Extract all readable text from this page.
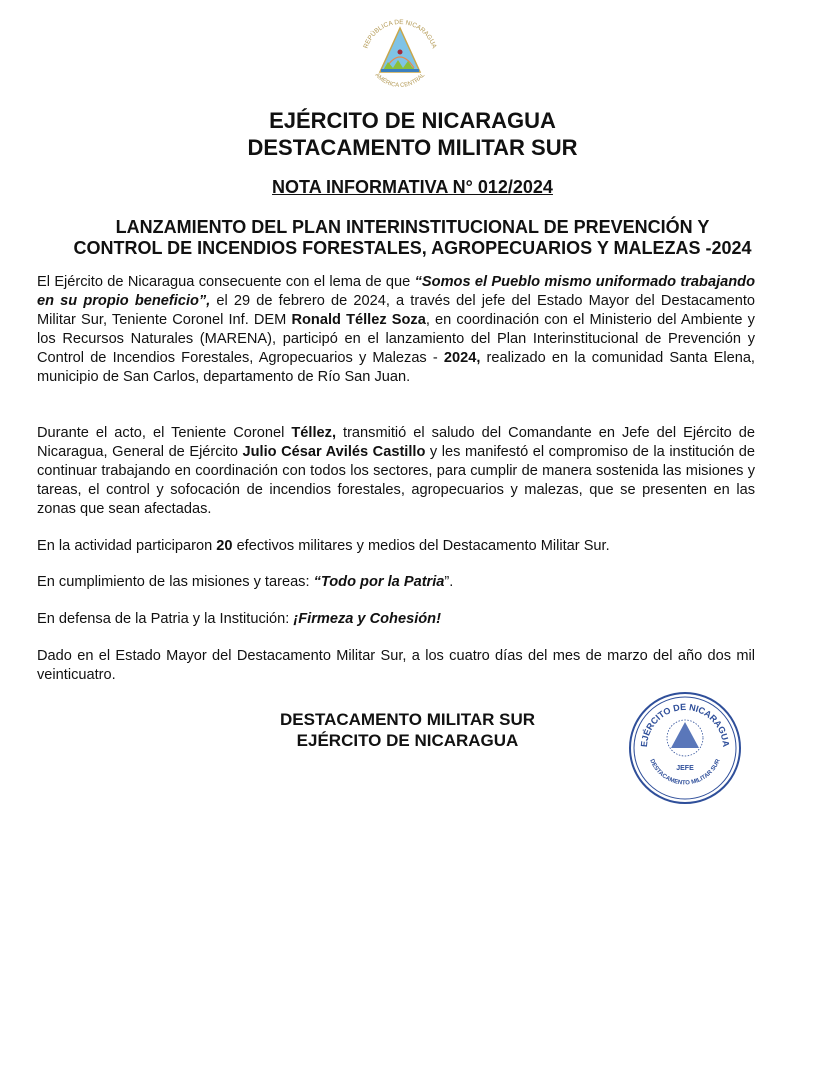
REPÚBLICA DE NICARAGUA
AMÉRICA CENTRAL
EJÉRCITO DE NICARAGUA
DESTACAMENTO MILITAR SUR
NOTA INFORMATIVA N° 012/2024
LANZAMIENTO DEL PLAN INTERINSTITUCIONAL DE PREVENCIÓN Y
CONTROL DE INCENDIOS FORESTALES, AGROPECUARIOS Y MALEZAS -2024
El Ejército de Nicaragua consecuente con el lema de que “Somos el Pueblo mismo uniformado trabajando en su propio beneficio”, el 29 de febrero de 2024, a través del jefe del Estado Mayor del Destacamento Militar Sur, Teniente Coronel Inf. DEM Ronald Téllez Soza, en coordinación con el Ministerio del Ambiente y los Recursos Naturales (MARENA), participó en el lanzamiento del Plan Interinstitucional de Prevención y Control de Incendios Forestales, Agropecuarios y Malezas - 2024, realizado en la comunidad Santa Elena, municipio de San Carlos, departamento de Río San Juan.
Durante el acto, el Teniente Coronel Téllez, transmitió el saludo del Comandante en Jefe del Ejército de Nicaragua, General de Ejército Julio César Avilés Castillo y les manifestó el compromiso de la institución de continuar trabajando en coordinación con todos los sectores, para cumplir de manera sostenida las misiones y tareas, el control y sofocación de incendios forestales, agropecuarios y malezas, que se presenten en las zonas que sean afectadas.
En la actividad participaron 20 efectivos militares y medios del Destacamento Militar Sur.
En cumplimiento de las misiones y tareas: “Todo por la Patria”.
En defensa de la Patria y la Institución: ¡Firmeza y Cohesión!
Dado en el Estado Mayor del Destacamento Militar Sur, a los cuatro días del mes de marzo del año dos mil veinticuatro.
DESTACAMENTO MILITAR SUR
EJÉRCITO DE NICARAGUA	EJÉRCITO DE NICARAGUA
DESTACAMENTO MILITAR SUR
JEFE
